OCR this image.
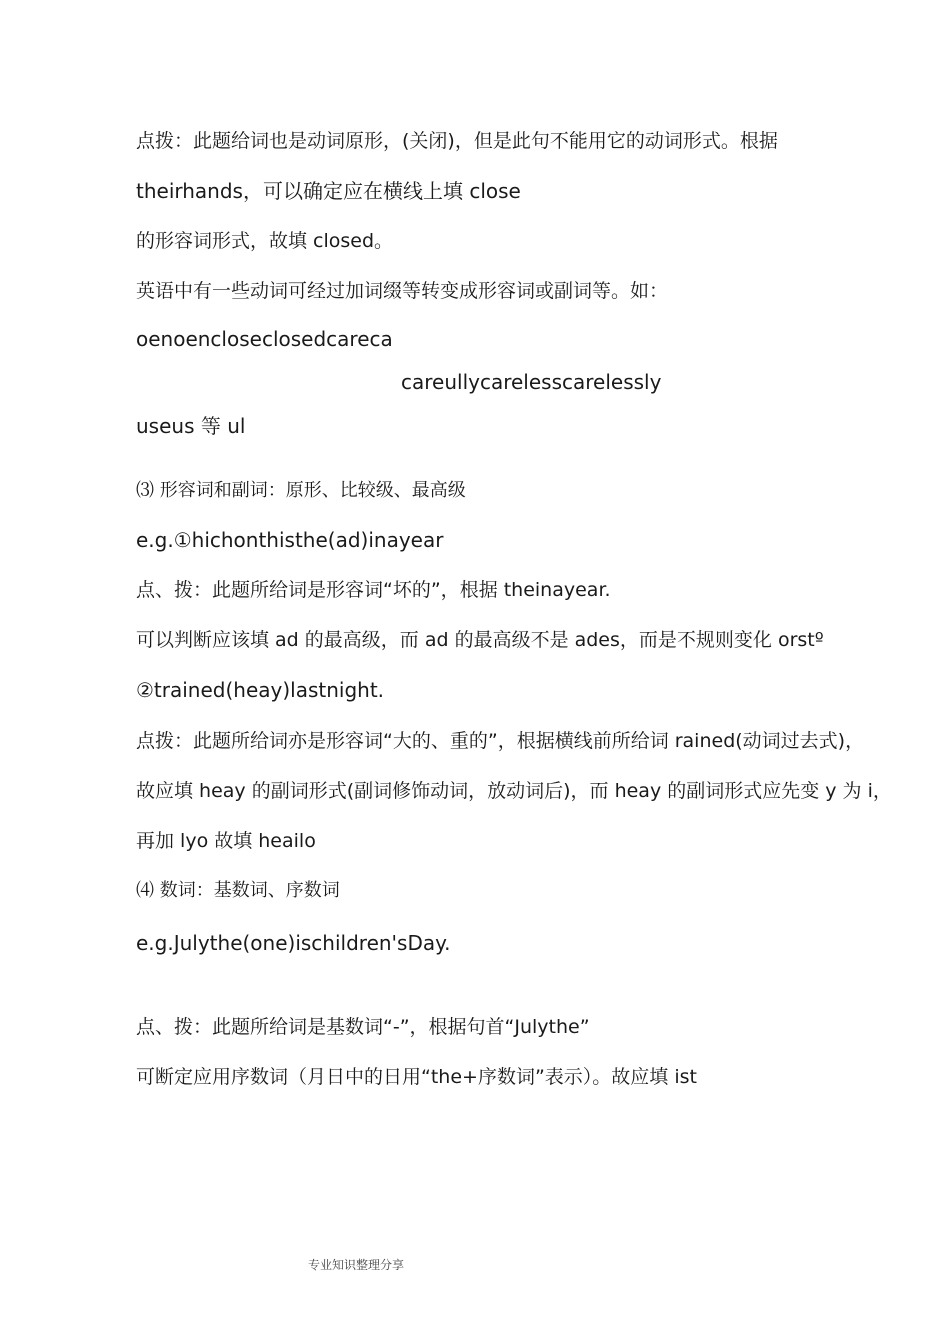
点拨：此题给词也是动词原形，(关闭)，但是此句不能用它的动词形式。根据
theirhands，可以确定应在横线上填 close
的形容词形式，故填 closed。
英语中有一些动词可经过加词缀等转变成形容词或副词等。如：
oenoencloseclosedcareca
careullycarelesscarelessly
useus 等 ul
⑶ 形容词和副词：原形、比较级、最高级
e.g.①hichonthisthe(ad)inayear
点、拨：此题所给词是形容词“坏的”，根据 theinayear.
可以判断应该填 ad 的最高级，而 ad 的最高级不是 ades，而是不规则变化 orstº
②trained(heay)lastnight.
点拨：此题所给词亦是形容词“大的、重的”，根据横线前所给词 rained(动词过去式)，
故应填 heay 的副词形式(副词修饰动词，放动词后)，而 heay 的副词形式应先变 y 为 i，
再加 lyo 故填 heailo
⑷ 数词：基数词、序数词
e.g.Julythe(one)ischildren'sDay.
点、拨：此题所给词是基数词“-”，根据句首“Julythe”
可断定应用序数词（月日中的日用“the+序数词”表示）。故应填 ist
专业知识整理分享
